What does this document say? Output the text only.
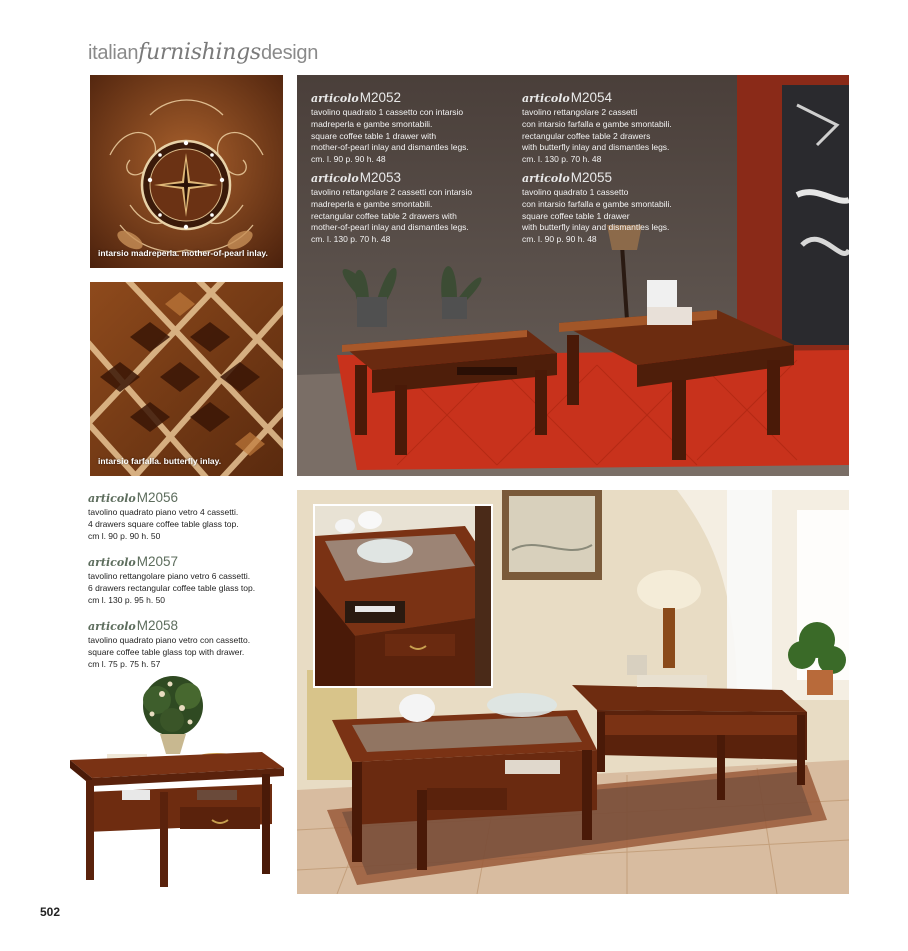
italianfurnishingsdesign
intarsio madreperla. mother-of-pearl inlay.
intarsio farfalla. butterfly inlay.
articolo M2052
tavolino quadrato 1 cassetto con intarsio
madreperla e gambe smontabili.
square coffee table 1 drawer with
mother-of-pearl inlay and dismantles legs.
cm. l. 90 p. 90 h. 48
articolo M2054
tavolino rettangolare 2 cassetti
con intarsio farfalla e gambe smontabili.
rectangular coffee table 2 drawers
with butterfly inlay and dismantles legs.
cm. l. 130 p. 70 h. 48
articolo M2053
tavolino rettangolare 2 cassetti con intarsio
madreperla e gambe smontabili.
rectangular coffee table 2 drawers with
mother-of-pearl inlay and dismantles legs.
cm. l. 130 p. 70 h. 48
articolo M2055
tavolino quadrato 1 cassetto
con intarsio farfalla e gambe smontabili.
square coffee table 1 drawer
with butterfly inlay and dismantles legs.
cm. l. 90 p. 90 h. 48
articolo M2056
tavolino quadrato piano vetro 4 cassetti.
4 drawers square coffee table glass top.
cm l. 90 p. 90 h. 50
articolo M2057
tavolino rettangolare piano vetro 6 cassetti.
6 drawers rectangular coffee table glass top.
cm l. 130 p. 95 h. 50
articolo M2058
tavolino quadrato piano vetro con cassetto.
square coffee table glass top with drawer.
cm l. 75 p. 75 h. 57
502
